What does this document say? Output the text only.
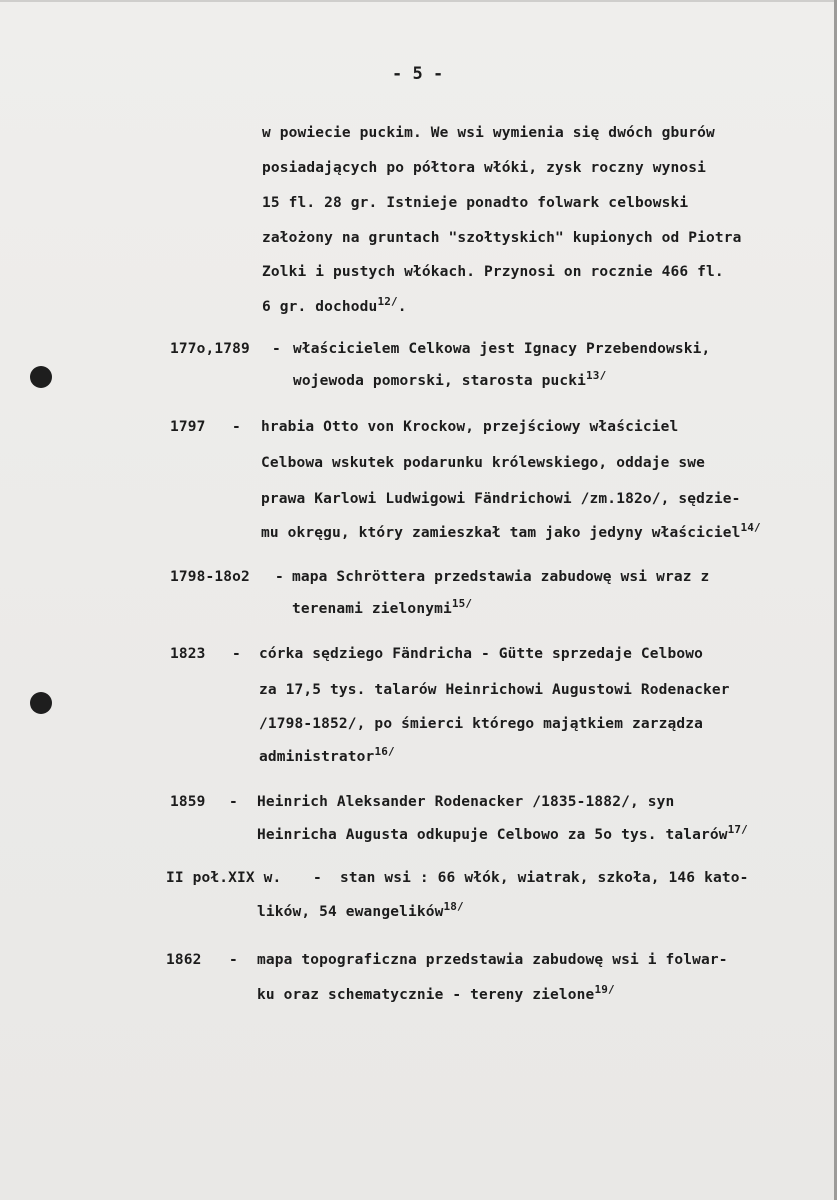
- 5 -
w powiecie puckim. We wsi wymienia się dwóch gburów
posiadających po półtora włóki, zysk roczny wynosi
15 fl. 28 gr. Istnieje ponadto folwark celbowski
założony na gruntach "szołtyskich" kupionych od Piotra
Zolki i pustych włókach. Przynosi on rocznie 466 fl.
6 gr. dochodu$^{12/}$.
177o,1789 - właścicielem Celkowa jest Ignacy Przebendowski,
wojewoda pomorski, starosta pucki$^{13/}$
1797 - hrabia Otto von Krockow, przejściowy właściciel
Celbowa wskutek podarunku królewskiego, oddaje swe
prawa Karlowi Ludwigowi Fändrichowi /zm.182o/, sędzie-
mu okręgu, który zamieszkał tam jako jedyny właściciel$^{14/}$
1798-18o2 - mapa Schröttera przedstawia zabudowę wsi wraz z
terenami zielonymi$^{15/}$
1823 - córka sędziego Fändricha - Gütte sprzedaje Celbowo
za 17,5 tys. talarów Heinrichowi Augustowi Rodenacker
/1798-1852/, po śmierci którego majątkiem zarządza
administrator$^{16/}$
1859 - Heinrich Aleksander Rodenacker /1835-1882/, syn
Heinricha Augusta odkupuje Celbowo za 5o tys. talarów$^{17/}$
II poł.XIX w. - stan wsi : 66 włók, wiatrak, szkoła, 146 kato-
lików, 54 ewangelików$^{18/}$
1862 - mapa topograficzna przedstawia zabudowę wsi i folwar-
ku oraz schematycznie - tereny zielone$^{19/}$
